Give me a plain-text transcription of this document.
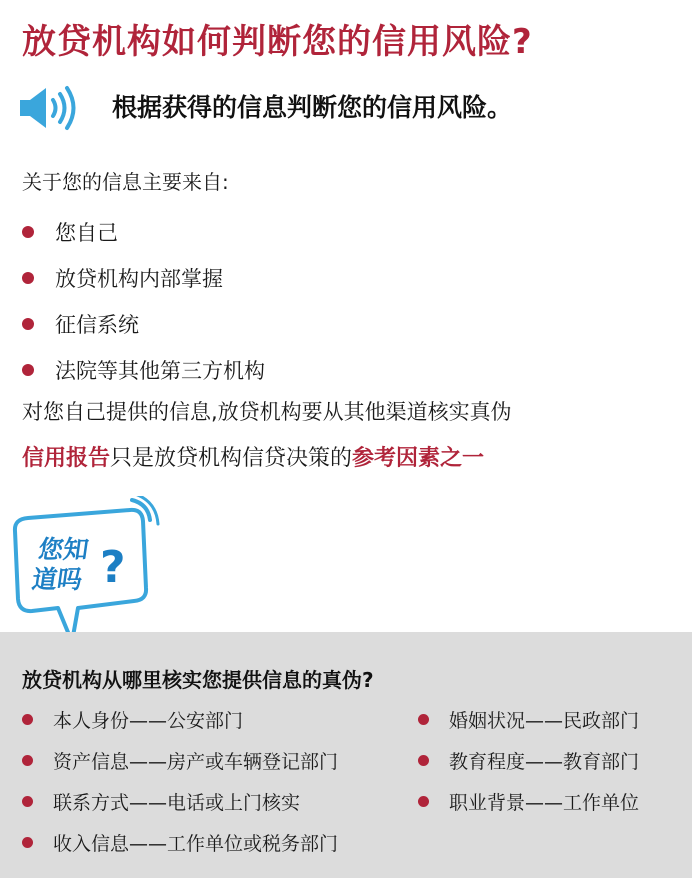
放贷机构如何判断您的信用风险?
根据获得的信息判断您的信用风险。
关于您的信息主要来自:
您自己
放贷机构内部掌握
征信系统
法院等其他第三方机构
对您自己提供的信息,放贷机构要从其他渠道核实真伪
信用报告只是放贷机构信贷决策的参考因素之一
您知
道吗 ?
放贷机构从哪里核实您提供信息的真伪?
本人身份——公安部门
资产信息——房产或车辆登记部门
联系方式——电话或上门核实
收入信息——工作单位或税务部门
婚姻状况——民政部门
教育程度——教育部门
职业背景——工作单位
